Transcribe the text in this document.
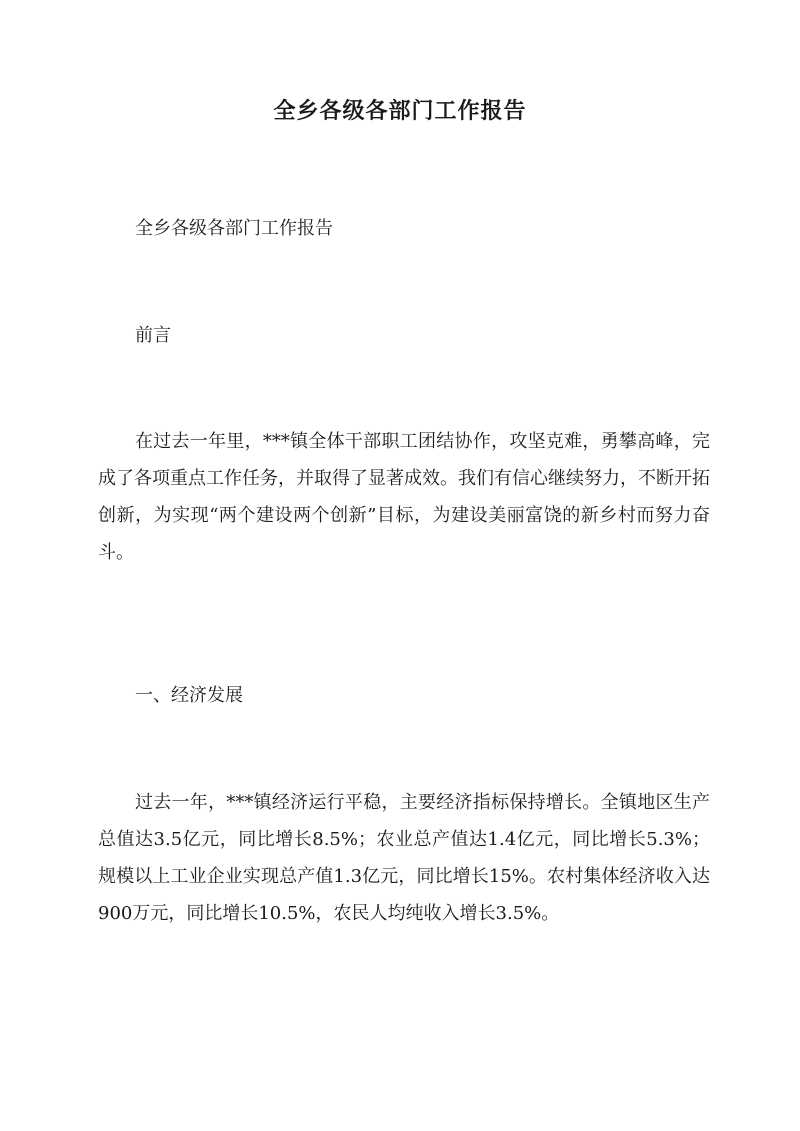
全乡各级各部门工作报告
全乡各级各部门工作报告
前言
在过去一年里，***镇全体干部职工团结协作，攻坚克难，勇攀高峰，完成了各项重点工作任务，并取得了显著成效。我们有信心继续努力，不断开拓创新，为实现“两个建设两个创新”目标，为建设美丽富饶的新乡村而努力奋斗。
一、经济发展
过去一年，***镇经济运行平稳，主要经济指标保持增长。全镇地区生产总值达3.5亿元，同比增长8.5%；农业总产值达1.4亿元，同比增长5.3%；规模以上工业企业实现总产值1.3亿元，同比增长15%。农村集体经济收入达900万元，同比增长10.5%，农民人均纯收入增长3.5%。
